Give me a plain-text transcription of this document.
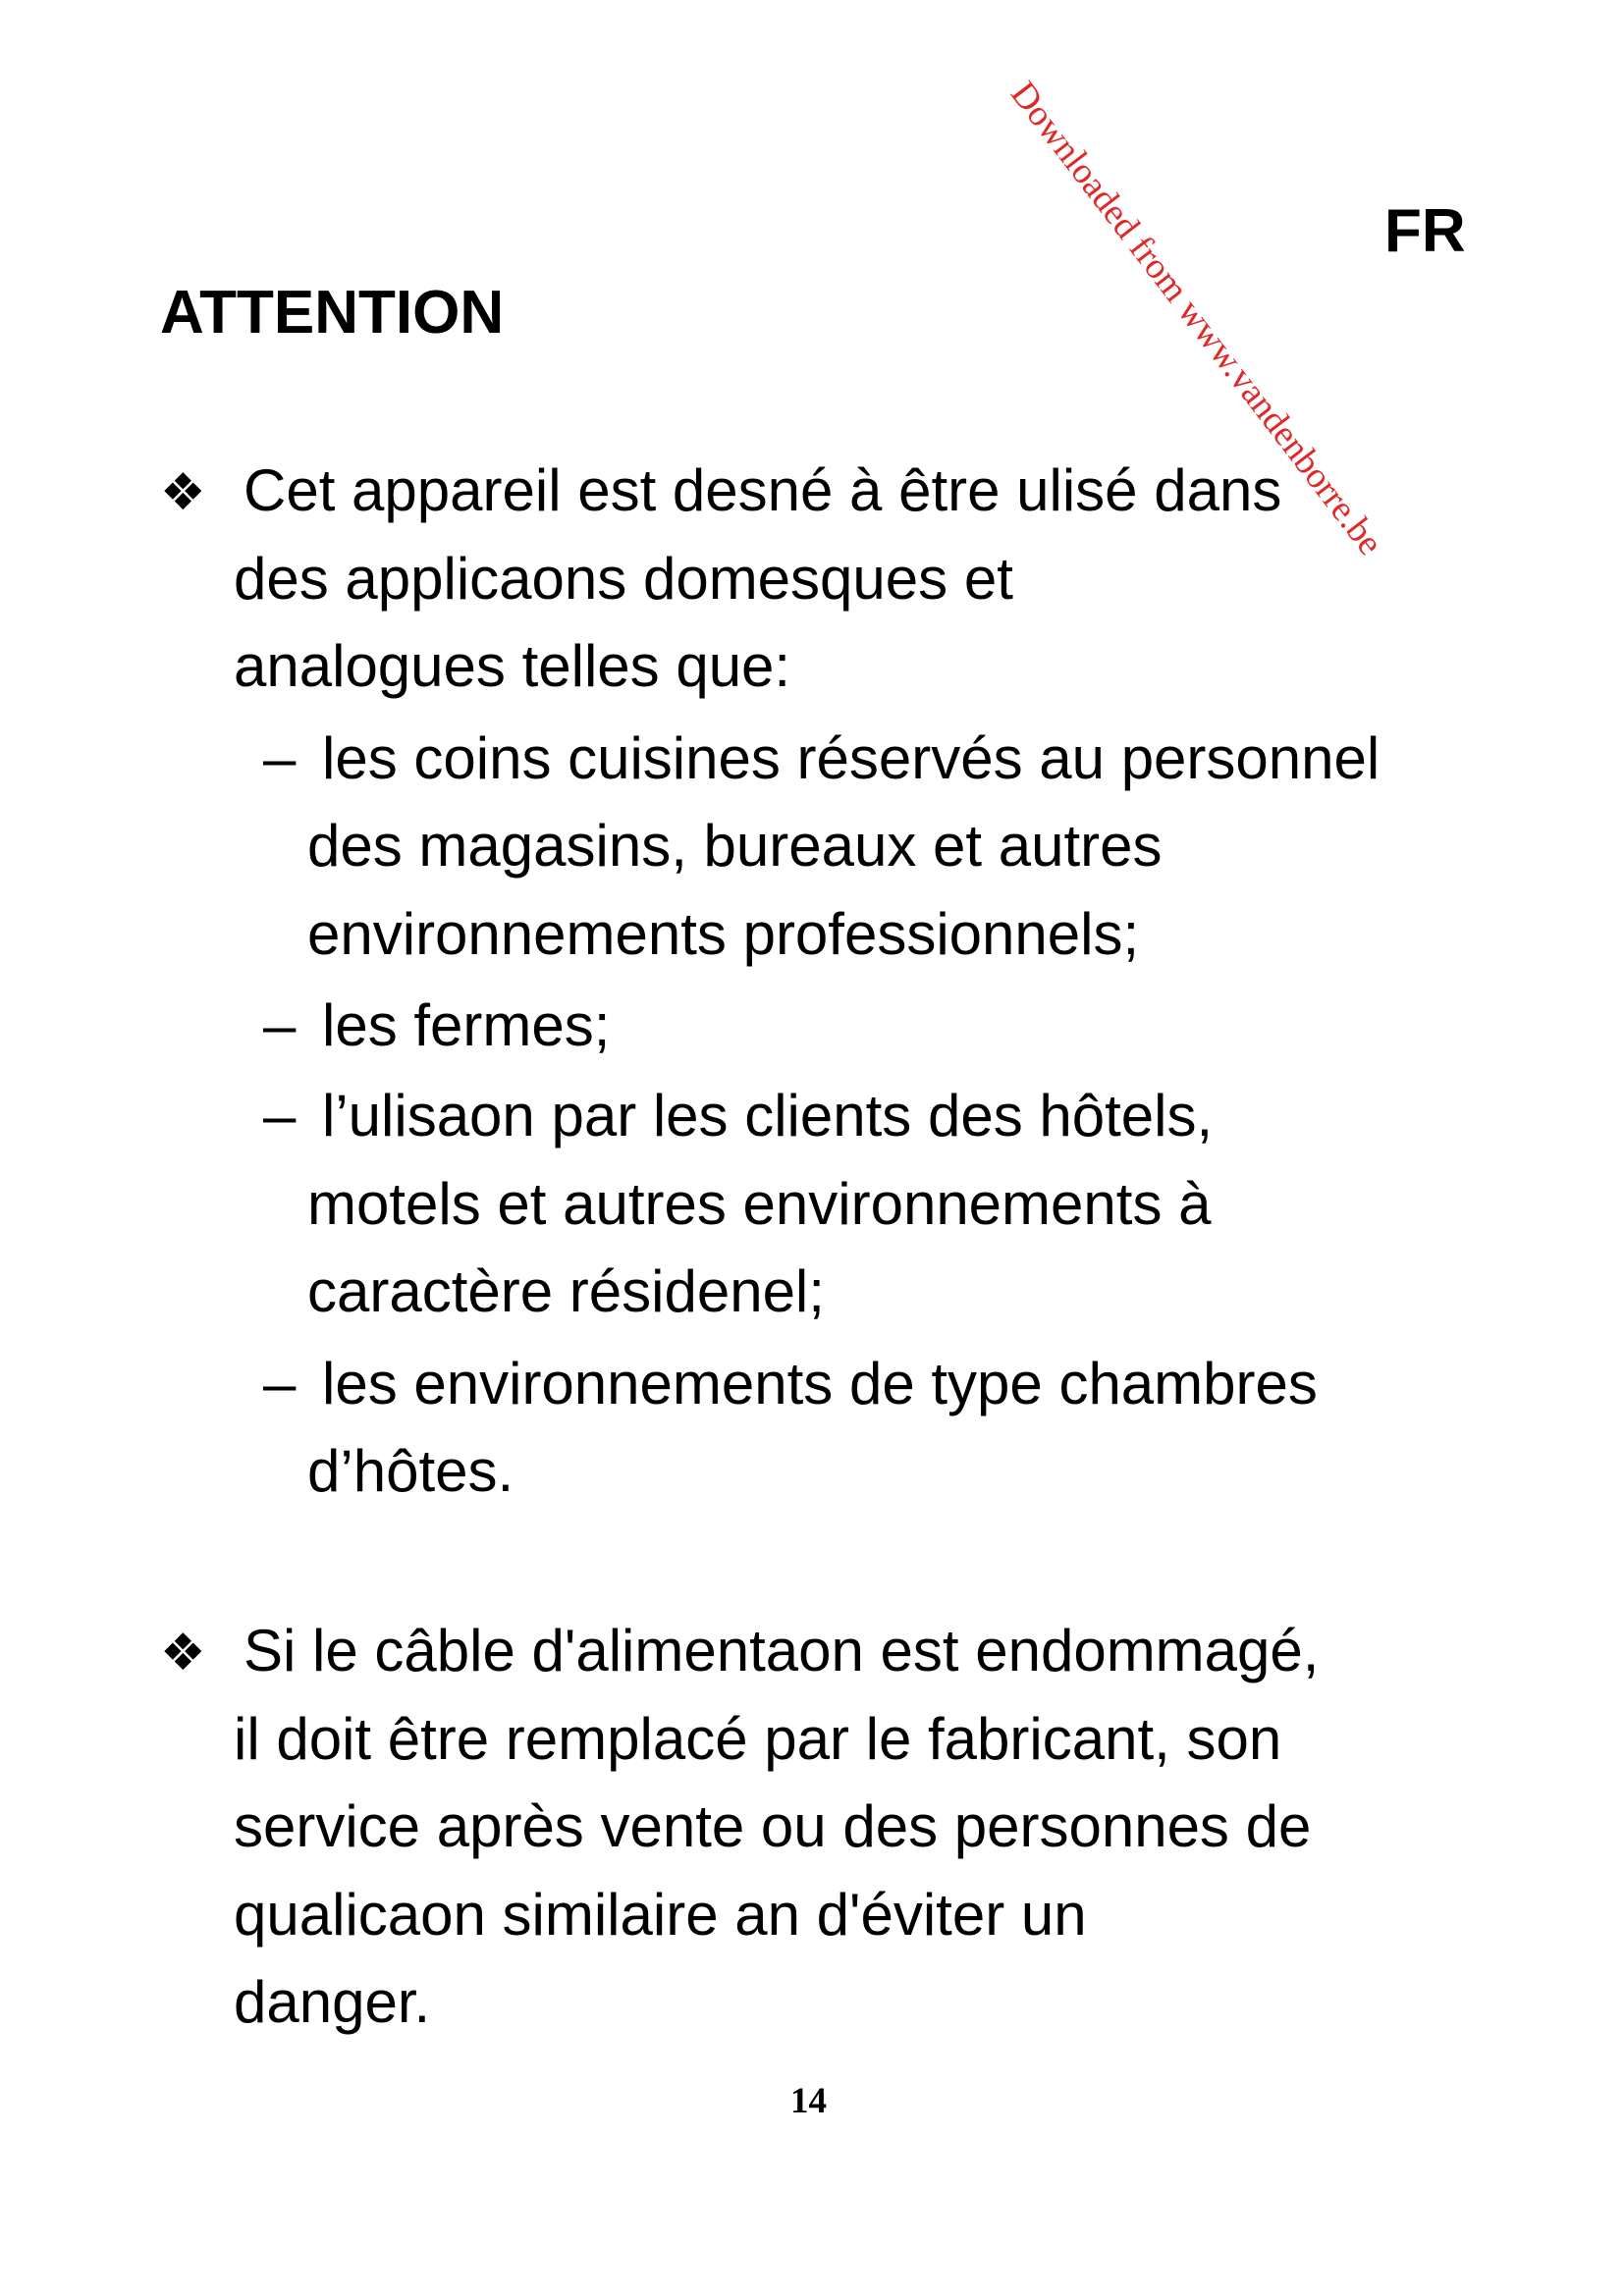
Downloaded from www.vandenborre.be
FR
ATTENTION
❖ Cet appareil est desné à être ulisé dans
des applicaons domesques et
analogues telles que:
– les coins cuisines réservés au personnel
des magasins, bureaux et autres
environnements professionnels;
– les fermes;
– l’ulisaon par les clients des hôtels,
motels et autres environnements à
caractère résidenel;
– les environnements de type chambres
d’hôtes.
❖ Si le câble d'alimentaon est endommagé,
il doit être remplacé par le fabricant, son
service après vente ou des personnes de
qualicaon similaire an d'éviter un
danger.
14
